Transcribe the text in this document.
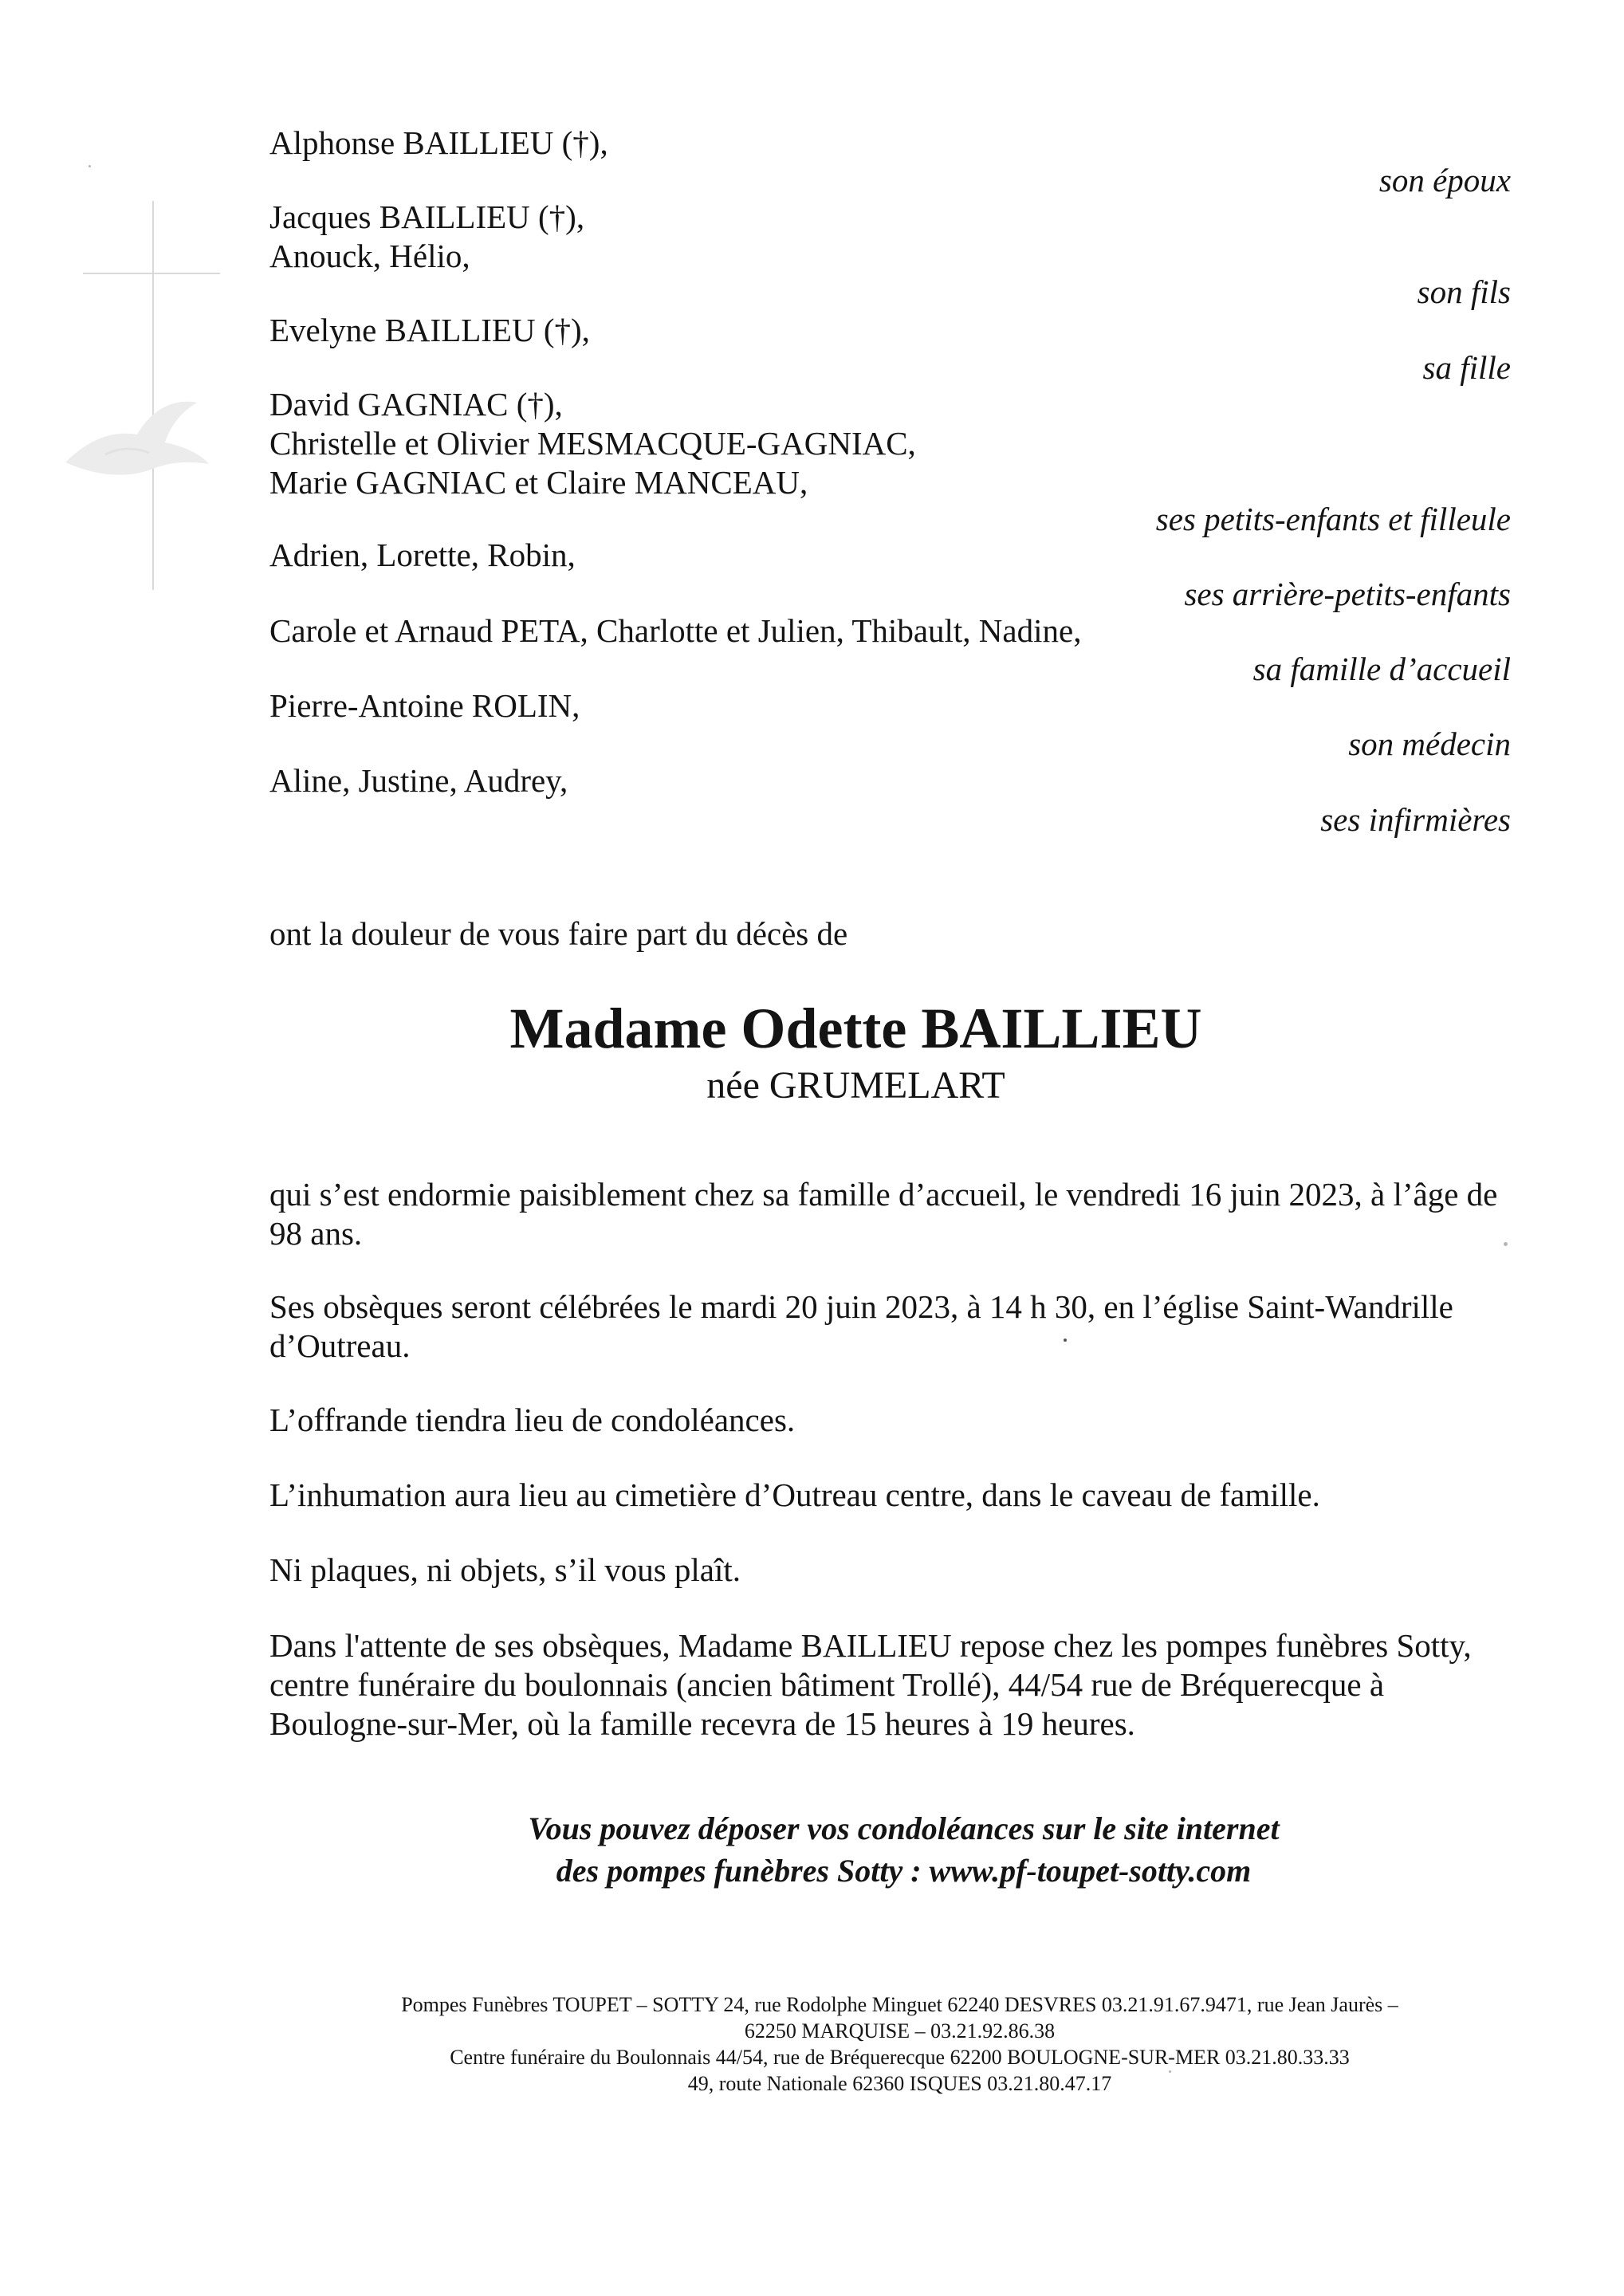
Alphonse BAILLIEU (†),
Jacques BAILLIEU (†),
Anouck, Hélio,
Evelyne BAILLIEU (†),
David GAGNIAC (†),
Christelle et Olivier MESMACQUE-GAGNIAC,
Marie GAGNIAC et Claire MANCEAU,
Adrien, Lorette, Robin,
Carole et Arnaud PETA, Charlotte et Julien, Thibault, Nadine,
Pierre-Antoine ROLIN,
Aline, Justine, Audrey,
son époux
son fils
sa fille
ses petits-enfants et filleule
ses arrière-petits-enfants
sa famille d’accueil
son médecin
ses infirmières
ont la douleur de vous faire part du décès de
Madame Odette BAILLIEU
née GRUMELART
qui s’est endormie paisiblement chez sa famille d’accueil, le vendredi 16 juin 2023, à l’âge de 98 ans.
Ses obsèques seront célébrées le mardi 20 juin 2023, à 14 h 30, en l’église Saint-Wandrille d’Outreau.
L’offrande tiendra lieu de condoléances.
L’inhumation aura lieu au cimetière d’Outreau centre, dans le caveau de famille.
Ni plaques, ni objets, s’il vous plaît.
Dans l'attente de ses obsèques, Madame BAILLIEU repose chez les pompes funèbres Sotty, centre funéraire du boulonnais (ancien bâtiment Trollé), 44/54 rue de Bréquerecque à Boulogne-sur-Mer, où la famille recevra de 15 heures à 19 heures.
Vous pouvez déposer vos condoléances sur le site internet
des pompes funèbres Sotty : www.pf-toupet-sotty.com
Pompes Funèbres TOUPET – SOTTY 24, rue Rodolphe Minguet 62240 DESVRES 03.21.91.67.9471, rue Jean Jaurès –
62250 MARQUISE – 03.21.92.86.38
Centre funéraire du Boulonnais 44/54, rue de Bréquerecque 62200 BOULOGNE-SUR-MER 03.21.80.33.33
49, route Nationale 62360 ISQUES 03.21.80.47.17
